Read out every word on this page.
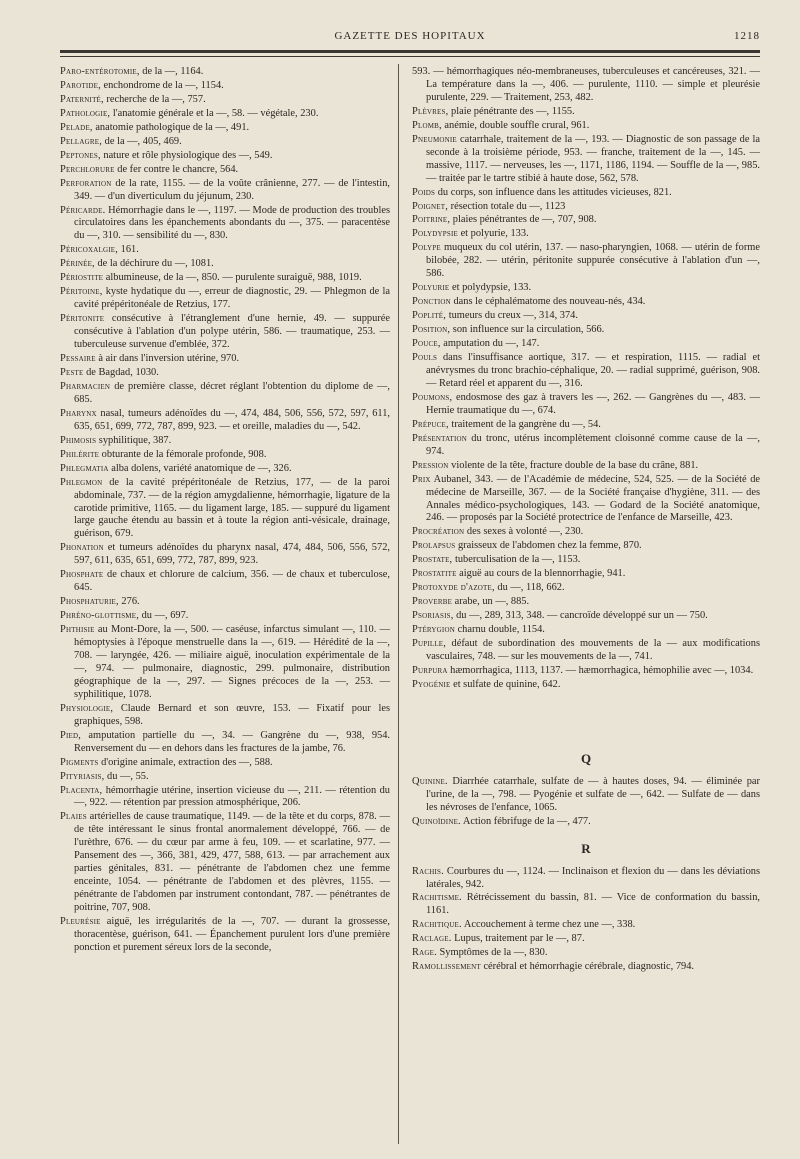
GAZETTE DES HOPITAUX	1218

Paro-entérotomie, de la —, 1164.

Parotide, enchondrome de la —, 1154.

Paternité, recherche de la —, 757.

Pathologie, l'anatomie générale et la —, 58. — végétale, 230.

Pelade, anatomie pathologique de la —, 491.

Pellagre, de la —, 405, 469.

Peptones, nature et rôle physiologique des —, 549.

Perchlorure de fer contre le chancre, 564.

Perforation de la rate, 1155. — de la voûte crânienne, 277. — de l'intestin, 349. — d'un diverticulum du jéjunum, 230.

Péricarde. Hémorrhagie dans le —, 1197. — Mode de production des troubles circulatoires dans les épanchements abondants du —, 375. — paracentèse du —, 310. — sensibilité du —, 830.

Péricoxalgie, 161.

Périnée, de la déchirure du —, 1081.

Périostite albumineuse, de la —, 850. — purulente suraiguë, 988, 1019.

Péritoine, kyste hydatique du —, erreur de diagnostic, 29. — Phlegmon de la cavité prépéritonéale de Retzius, 177.

Péritonite consécutive à l'étranglement d'une hernie, 49. — suppurée consécutive à l'ablation d'un polype utérin, 586. — traumatique, 253. — tuberculeuse survenue d'emblée, 372.

Pessaire à air dans l'inversion utérine, 970.

Peste de Bagdad, 1030.

Pharmacien de première classe, décret réglant l'obtention du diplome de —, 685.

Pharynx nasal, tumeurs adénoïdes du —, 474, 484, 506, 556, 572, 597, 611, 635, 651, 699, 772, 787, 899, 923. — et oreille, maladies du —, 542.

Phimosis syphilitique, 387.

Philérite obturante de la fémorale profonde, 908.

Phlegmatia alba dolens, variété anatomique de —, 326.

Phlegmon de la cavité prépéritonéale de Retzius, 177, — de la paroi abdominale, 737. — de la région amygdalienne, hémorrhagie, ligature de la carotide primitive, 1165. — du ligament large, 185. — suppuré du ligament large gauche étendu au bassin et à toute la région anti-vésicale, drainage, guérison, 679.

Phonation et tumeurs adénoïdes du pharynx nasal, 474, 484, 506, 556, 572, 597, 611, 635, 651, 699, 772, 787, 899, 923.

Phosphate de chaux et chlorure de calcium, 356. — de chaux et tuberculose, 645.

Phosphaturie, 276.

Phréno-glottisme, du —, 697.

Phthisie au Mont-Dore, la —, 500. — caséuse, infarctus simulant —, 110. — hémoptysies à l'époque menstruelle dans la —, 619. — Hérédité de la —, 708. — laryngée, 426. — miliaire aiguë, inoculation expérimentale de la —, 974. — pulmonaire, diagnostic, 299. pulmonaire, distribution géographique de la —, 297. — Signes précoces de la —, 253. — syphilitique, 1078.

Physiologie, Claude Bernard et son œuvre, 153. — Fixatif pour les graphiques, 598.

Pied, amputation partielle du —, 34. — Gangrène du —, 938, 954. Renversement du — en dehors dans les fractures de la jambe, 76.

Pigments d'origine animale, extraction des —, 588.

Pityriasis, du —, 55.

Placenta, hémorrhagie utérine, insertion vicieuse du —, 211. — rétention du —, 922. — rétention par pression atmosphérique, 206.

Plaies artérielles de cause traumatique, 1149. — de la tête et du corps, 878. — de tête intéressant le sinus frontal anormalement développé, 766. — de l'urèthre, 676. — du cœur par arme à feu, 109. — et scarlatine, 977. — Pansement des —, 366, 381, 429, 477, 588, 613. — par arrachement aux parties génitales, 831. — pénétrante de l'abdomen chez une femme enceinte, 1054. — pénétrante de l'abdomen et des plèvres, 1155. — pénétrante de l'abdomen par instrument contondant, 787. — pénétrantes de poitrine, 707, 908.

Pleurésie aiguë, les irrégularités de la —, 707. — durant la grossesse, thoracentèse, guérison, 641. — Épanchement purulent lors d'une première ponction et purement séreux lors de la seconde,

593. — hémorrhagiques néo-membraneuses, tuberculeuses et cancéreuses, 321. — La température dans la —, 406. — purulente, 1110. — simple et pleurésie purulente, 229. — Traitement, 253, 482.

Plèvres, plaie pénétrante des —, 1155.

Plomb, anémie, double souffle crural, 961.

Pneumonie catarrhale, traitement de la —, 193. — Diagnostic de son passage de la seconde à la troisième période, 953. — franche, traitement de la —, 145. — massive, 1117. — nerveuses, les —, 1171, 1186, 1194. — Souffle de la —, 985. — traitée par le tartre stibié à haute dose, 562, 578.

Poids du corps, son influence dans les attitudes vicieuses, 821.

Poignet, résection totale du —, 1123

Poitrine, plaies pénétrantes de —, 707, 908.

Polydypsie et polyurie, 133.

Polype muqueux du col utérin, 137. — naso-pharyngien, 1068. — utérin de forme bilobée, 282. — utérin, péritonite suppurée consécutive à l'ablation d'un —, 586.

Polyurie et polydypsie, 133.

Ponction dans le céphalématome des nouveau-nés, 434.

Poplité, tumeurs du creux —, 314, 374.

Position, son influence sur la circulation, 566.

Pouce, amputation du —, 147.

Pouls dans l'insuffisance aortique, 317. — et respiration, 1115. — radial et anévrysmes du tronc brachio-céphalique, 20. — radial supprimé, guérison, 908. — Retard réel et apparent du —, 316.

Poumons, endosmose des gaz à travers les —, 262. — Gangrènes du —, 483. — Hernie traumatique du —, 674.

Prépuce, traitement de la gangrène du —, 54.

Présentation du tronc, utérus incomplètement cloisonné comme cause de la —, 974.

Pression violente de la tête, fracture double de la base du crâne, 881.

Prix Aubanel, 343. — de l'Académie de médecine, 524, 525. — de la Société de médecine de Marseille, 367. — de la Société française d'hygiène, 311. — des Annales médico-psychologiques, 143. — Godard de la Société anatomique, 246. — proposés par la Société protectrice de l'enfance de Marseille, 423.

Procréation des sexes à volonté —, 230.

Prolapsus graisseux de l'abdomen chez la femme, 870.

Prostate, tuberculisation de la —, 1153.

Prostatite aiguë au cours de la blennorrhagie, 941.

Protoxyde d'azote, du —, 118, 662.

Proverbe arabe, un —, 885.

Psoriasis, du —, 289, 313, 348. — cancroïde développé sur un — 750.

Ptérygion charnu double, 1154.

Pupille, défaut de subordination des mouvements de la — aux modifications vasculaires, 748. — sur les mouvements de la —, 741.

Purpura hæmorrhagica, 1113, 1137. — hæmorrhagica, hémophilie avec —, 1034.

Pyogénie et sulfate de quinine, 642.

Q

Quinine. Diarrhée catarrhale, sulfate de — à hautes doses, 94. — éliminée par l'urine, de la —, 798. — Pyogénie et sulfate de —, 642. — Sulfate de — dans les névroses de l'enfance, 1065.

Quinoïdine. Action fébrifuge de la —, 477.

R

Rachis. Courbures du —, 1124. — Inclinaison et flexion du — dans les déviations latérales, 942.

Rachitisme. Rétrécissement du bassin, 81. — Vice de conformation du bassin, 1161.

Rachitique. Accouchement à terme chez une —, 338.

Raclage. Lupus, traitement par le —, 87.

Rage. Symptômes de la —, 830.

Ramollissement cérébral et hémorrhagie cérébrale, diagnostic, 794.
